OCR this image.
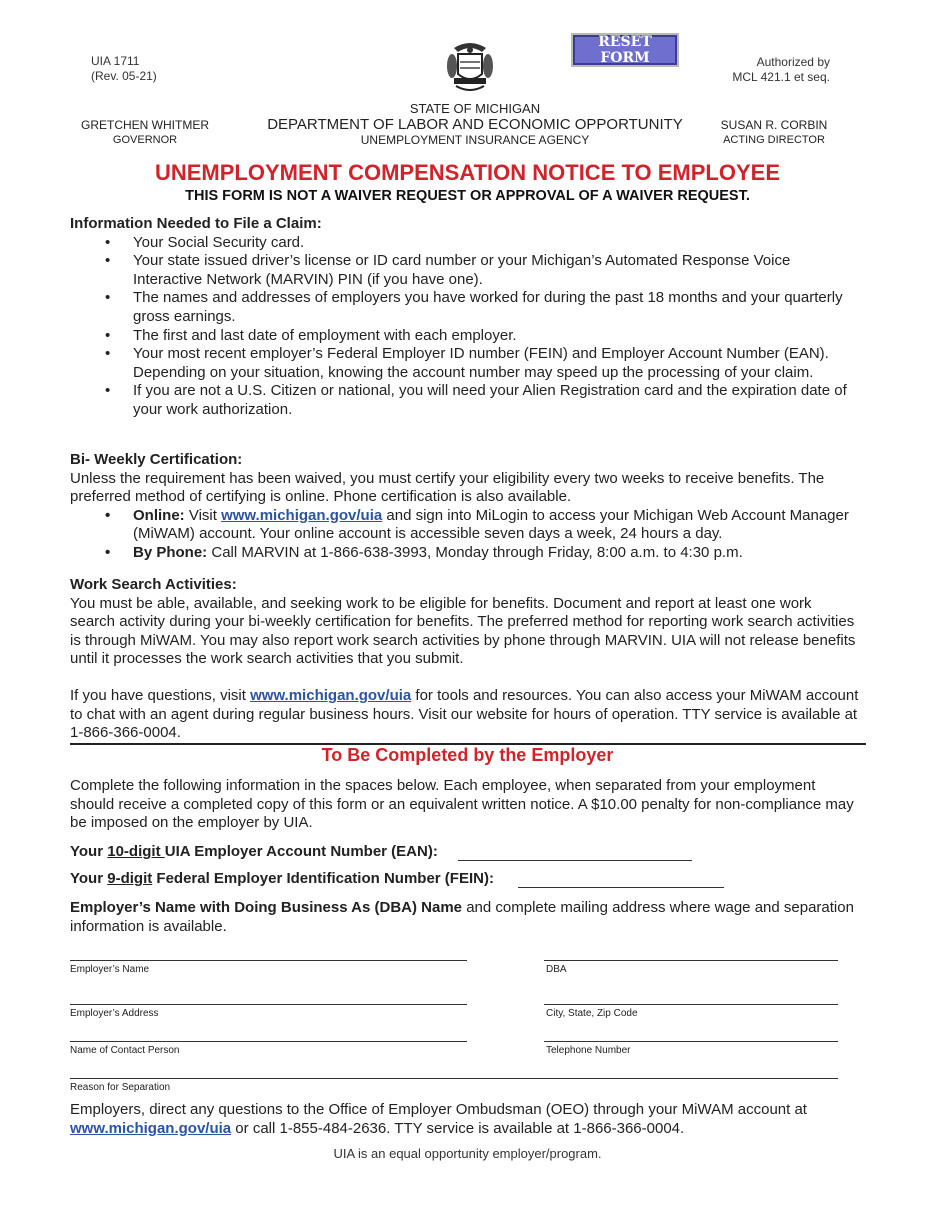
UIA 1711
(Rev. 05-21)
RESET FORM	Authorized by
MCL 421.1 et seq.
STATE OF MICHIGAN
DEPARTMENT OF LABOR AND ECONOMIC OPPORTUNITY
UNEMPLOYMENT INSURANCE AGENCY
GRETCHEN WHITMER
GOVERNOR
SUSAN R. CORBIN
ACTING DIRECTOR
UNEMPLOYMENT COMPENSATION NOTICE TO EMPLOYEE
THIS FORM IS NOT A WAIVER REQUEST OR APPROVAL OF A WAIVER REQUEST.
Information Needed to File a Claim:
• Your Social Security card.
• Your state issued driver’s license or ID card number or your Michigan’s Automated Response Voice Interactive Network (MARVIN) PIN (if you have one).
• The names and addresses of employers you have worked for during the past 18 months and your quarterly gross earnings.
• The first and last date of employment with each employer.
• Your most recent employer’s Federal Employer ID number (FEIN) and Employer Account Number (EAN). Depending on your situation, knowing the account number may speed up the processing of your claim.
• If you are not a U.S. Citizen or national, you will need your Alien Registration card and the expiration date of your work authorization.
Bi- Weekly Certification:
Unless the requirement has been waived, you must certify your eligibility every two weeks to receive benefits. The preferred method of certifying is online. Phone certification is also available.
• Online: Visit www.michigan.gov/uia and sign into MiLogin to access your Michigan Web Account Manager (MiWAM) account. Your online account is accessible seven days a week, 24 hours a day.
• By Phone: Call MARVIN at 1-866-638-3993, Monday through Friday, 8:00 a.m. to 4:30 p.m.
Work Search Activities:
You must be able, available, and seeking work to be eligible for benefits. Document and report at least one work search activity during your bi-weekly certification for benefits. The preferred method for reporting work search activities is through MiWAM. You may also report work search activities by phone through MARVIN. UIA will not release benefits until it processes the work search activities that you submit.
If you have questions, visit www.michigan.gov/uia for tools and resources. You can also access your MiWAM account to chat with an agent during regular business hours. Visit our website for hours of operation. TTY service is available at 1-866-366-0004.
To Be Completed by the Employer
Complete the following information in the spaces below. Each employee, when separated from your employment should receive a completed copy of this form or an equivalent written notice. A $10.00 penalty for non-compliance may be imposed on the employer by UIA.
Your 10-digit UIA Employer Account Number (EAN):
Your 9-digit Federal Employer Identification Number (FEIN):
Employer’s Name with Doing Business As (DBA) Name and complete mailing address where wage and separation information is available.
Employer’s Name	DBA
Employer’s Address	City, State, Zip Code
Name of Contact Person	Telephone Number
Reason for Separation
Employers, direct any questions to the Office of Employer Ombudsman (OEO) through your MiWAM account at www.michigan.gov/uia or call 1-855-484-2636. TTY service is available at 1-866-366-0004.
UIA is an equal opportunity employer/program.
